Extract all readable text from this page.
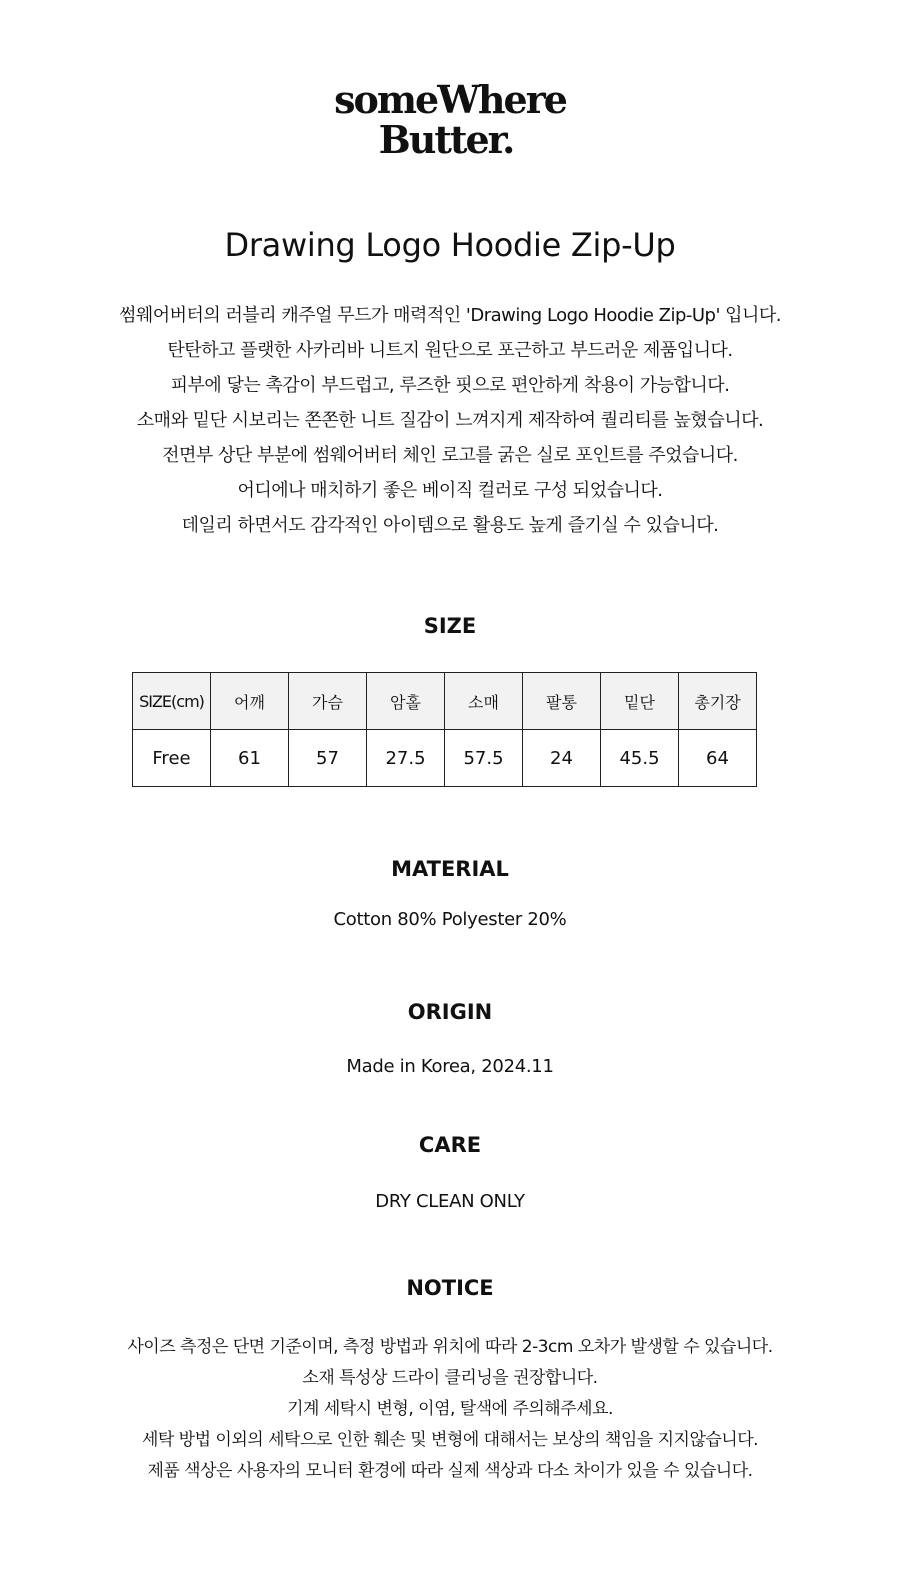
someWhere
Butter.
Drawing Logo Hoodie Zip-Up
썸웨어버터의 러블리 캐주얼 무드가 매력적인 'Drawing Logo Hoodie Zip-Up' 입니다.
탄탄하고 플랫한 사카리바 니트지 원단으로 포근하고 부드러운 제품입니다.
피부에 닿는 촉감이 부드럽고, 루즈한 핏으로 편안하게 착용이 가능합니다.
소매와 밑단 시보리는 쫀쫀한 니트 질감이 느껴지게 제작하여 퀄리티를 높혔습니다.
전면부 상단 부분에 썸웨어버터 체인 로고를 굵은 실로 포인트를 주었습니다.
어디에나 매치하기 좋은 베이직 컬러로 구성 되었습니다.
데일리 하면서도 감각적인 아이템으로 활용도 높게 즐기실 수 있습니다.
SIZE
SIZE(cm)	어깨	가슴	암홀	소매	팔통	밑단	총기장
Free	61	57	27.5	57.5	24	45.5	64
MATERIAL
Cotton 80% Polyester 20%
ORIGIN
Made in Korea, 2024.11
CARE
DRY CLEAN ONLY
NOTICE
사이즈 측정은 단면 기준이며, 측정 방법과 위치에 따라 2-3cm 오차가 발생할 수 있습니다.
소재 특성상 드라이 클리닝을 권장합니다.
기계 세탁시 변형, 이염, 탈색에 주의해주세요.
세탁 방법 이외의 세탁으로 인한 훼손 및 변형에 대해서는 보상의 책임을 지지않습니다.
제품 색상은 사용자의 모니터 환경에 따라 실제 색상과 다소 차이가 있을 수 있습니다.
